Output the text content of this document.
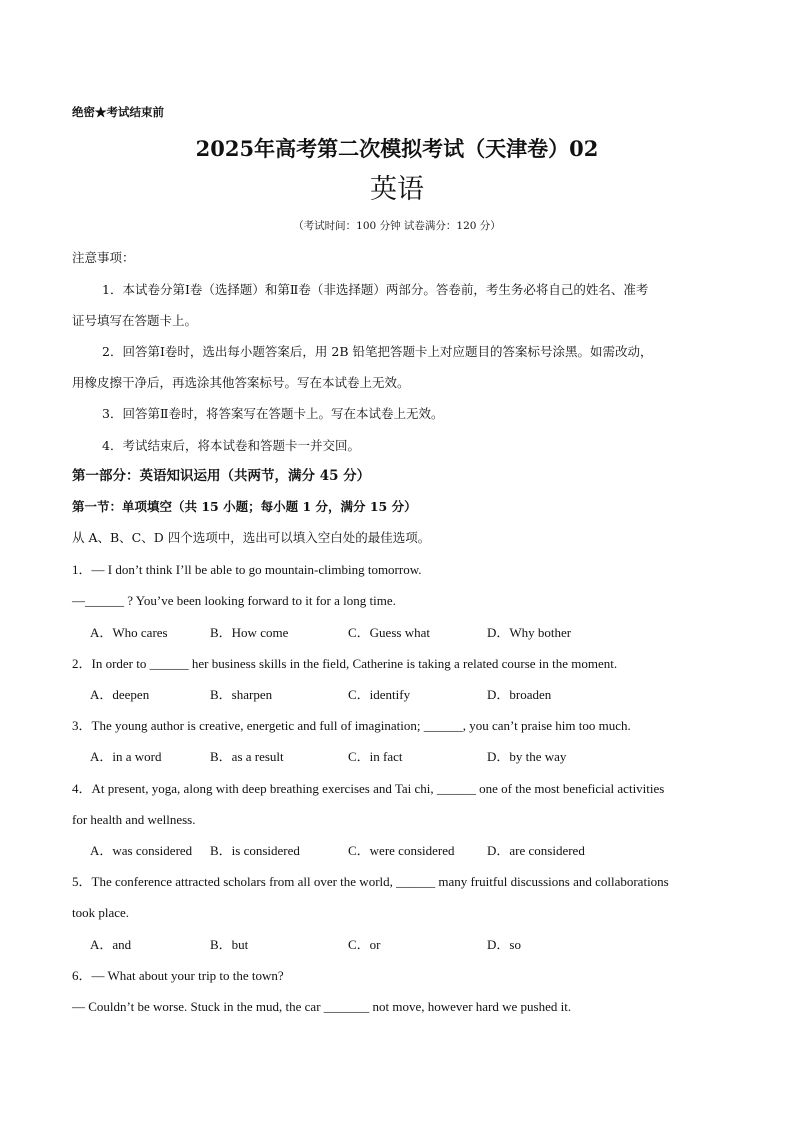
绝密★考试结束前
2025年高考第二次模拟考试（天津卷）02
英语
（考试时间：100 分钟 试卷满分：120 分）
注意事项：
1．本试卷分第Ⅰ卷（选择题）和第Ⅱ卷（非选择题）两部分。答卷前，考生务必将自己的姓名、准考
证号填写在答题卡上。
2．回答第Ⅰ卷时，选出每小题答案后，用 2B 铅笔把答题卡上对应题目的答案标号涂黑。如需改动，
用橡皮擦干净后，再选涂其他答案标号。写在本试卷上无效。
3．回答第Ⅱ卷时，将答案写在答题卡上。写在本试卷上无效。
4．考试结束后，将本试卷和答题卡一并交回。
第一部分：英语知识运用（共两节，满分 45 分）
第一节：单项填空（共 15 小题；每小题 1 分，满分 15 分）
从 A、B、C、D 四个选项中，选出可以填入空白处的最佳选项。
1．— I don’t think I’ll be able to go mountain-climbing tomorrow.
—______ ? You’ve been looking forward to it for a long time.
A．Who cares	B．How come	C．Guess what	D．Why bother
2．In order to ______ her business skills in the field, Catherine is taking a related course in the moment.
A．deepen	B．sharpen	C．identify	D．broaden
3．The young author is creative, energetic and full of imagination; ______, you can’t praise him too much.
A．in a word	B．as a result	C．in fact	D．by the way
4．At present, yoga, along with deep breathing exercises and Tai chi, ______ one of the most beneficial activities
for health and wellness.
A．was considered B．is considered	C．were considered	D．are considered
5．The conference attracted scholars from all over the world, ______ many fruitful discussions and collaborations
took place.
A．and	B．but	C．or	D．so
6．— What about your trip to the town?
— Couldn’t be worse. Stuck in the mud, the car _______ not move, however hard we pushed it.
